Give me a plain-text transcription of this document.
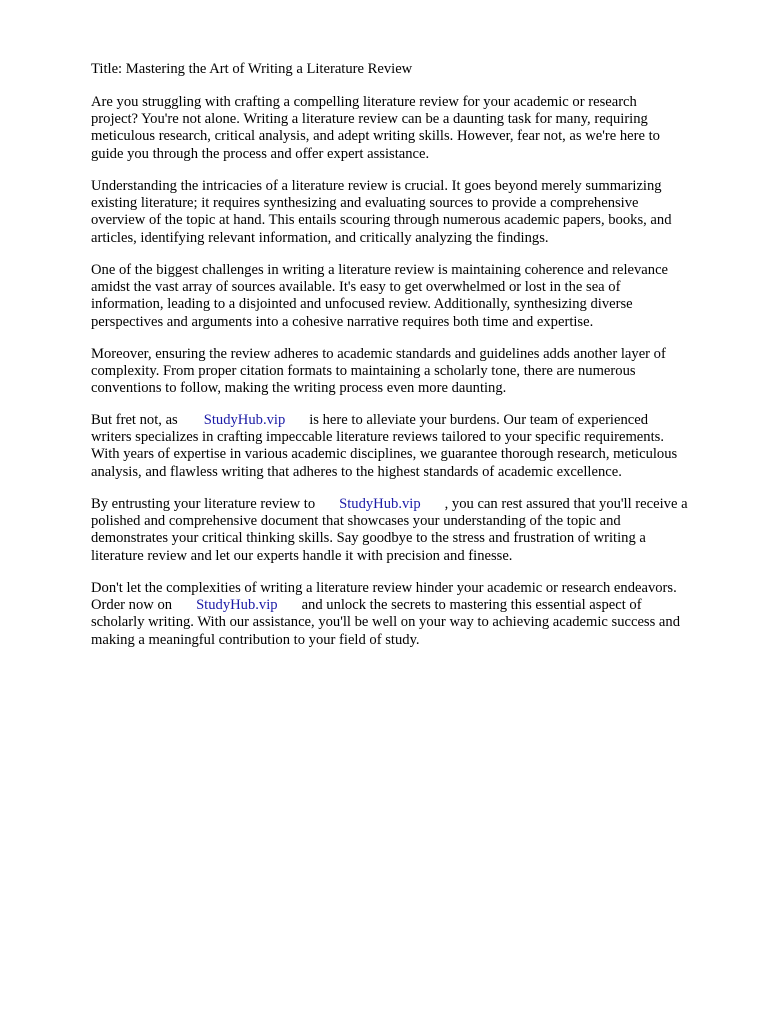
Title: Mastering the Art of Writing a Literature Review

Are you struggling with crafting a compelling literature review for your academic or research
project? You're not alone. Writing a literature review can be a daunting task for many, requiring
meticulous research, critical analysis, and adept writing skills. However, fear not, as we're here to
guide you through the process and offer expert assistance.

Understanding the intricacies of a literature review is crucial. It goes beyond merely summarizing
existing literature; it requires synthesizing and evaluating sources to provide a comprehensive
overview of the topic at hand. This entails scouring through numerous academic papers, books, and
articles, identifying relevant information, and critically analyzing the findings.

One of the biggest challenges in writing a literature review is maintaining coherence and relevance
amidst the vast array of sources available. It's easy to get overwhelmed or lost in the sea of
information, leading to a disjointed and unfocused review. Additionally, synthesizing diverse
perspectives and arguments into a cohesive narrative requires both time and expertise.

Moreover, ensuring the review adheres to academic standards and guidelines adds another layer of
complexity. From proper citation formats to maintaining a scholarly tone, there are numerous
conventions to follow, making the writing process even more daunting.

But fret not, as StudyHub.vip is here to alleviate your burdens. Our team of experienced
writers specializes in crafting impeccable literature reviews tailored to your specific requirements.
With years of expertise in various academic disciplines, we guarantee thorough research, meticulous
analysis, and flawless writing that adheres to the highest standards of academic excellence.

By entrusting your literature review to StudyHub.vip , you can rest assured that you'll receive a
polished and comprehensive document that showcases your understanding of the topic and
demonstrates your critical thinking skills. Say goodbye to the stress and frustration of writing a
literature review and let our experts handle it with precision and finesse.

Don't let the complexities of writing a literature review hinder your academic or research endeavors.
Order now on StudyHub.vip and unlock the secrets to mastering this essential aspect of
scholarly writing. With our assistance, you'll be well on your way to achieving academic success and
making a meaningful contribution to your field of study.
